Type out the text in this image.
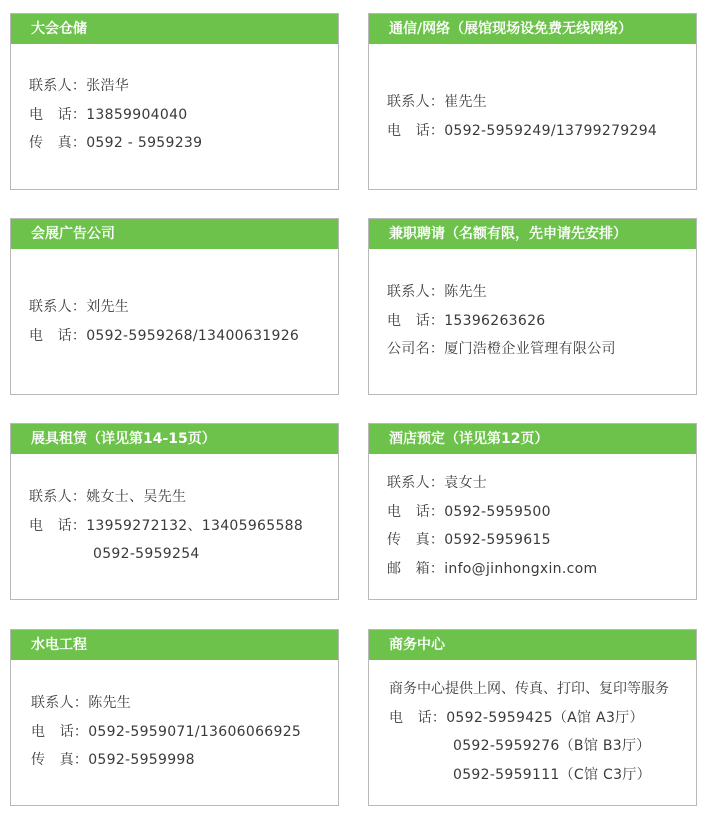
大会仓储
联系人： 张浩华
电　话： 13859904040
传　真： 0592 - 5959239
通信/网络（展馆现场设免费无线网络）
联系人： 崔先生
电　话： 0592-5959249/13799279294
会展广告公司
联系人： 刘先生
电　话： 0592-5959268/13400631926
兼职聘请（名额有限，先申请先安排）
联系人： 陈先生
电　话： 15396263626
公司名： 厦门浩橙企业管理有限公司
展具租赁（详见第14-15页）
联系人： 姚女士、吴先生
电　话： 13959272132、13405965588
0592-5959254
酒店预定（详见第12页）
联系人： 袁女士
电　话： 0592-5959500
传　真： 0592-5959615
邮　箱： info@jinhongxin.com
水电工程
联系人： 陈先生
电　话： 0592-5959071/13606066925
传　真： 0592-5959998
商务中心
商务中心提供上网、传真、打印、复印等服务
电　话： 0592-5959425（A馆 A3厅）
0592-5959276（B馆 B3厅）
0592-5959111（C馆 C3厅）
